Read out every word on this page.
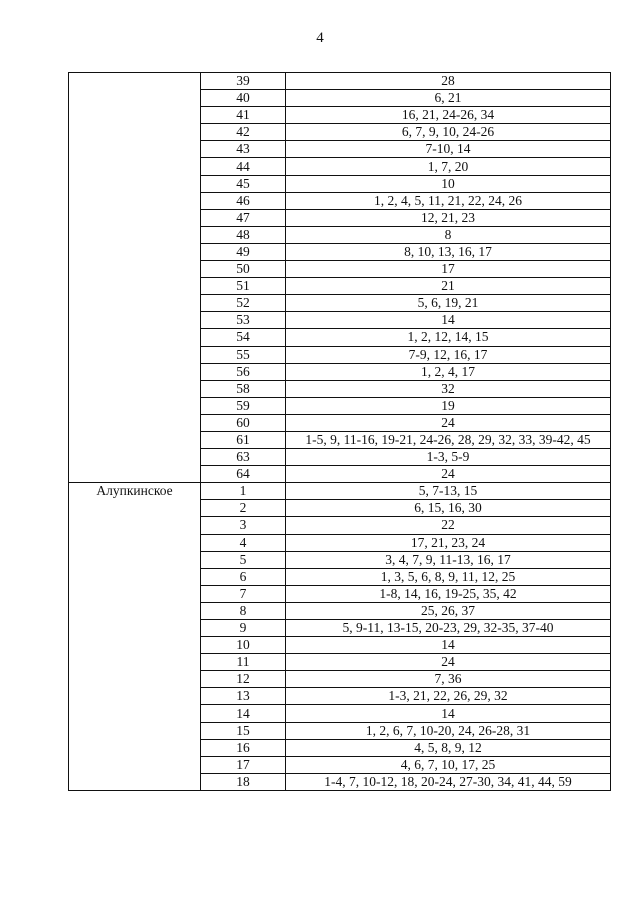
4
	39	28
	40	6, 21
	41	16, 21, 24-26, 34
	42	6, 7, 9, 10, 24-26
	43	7-10, 14
	44	1, 7, 20
	45	10
	46	1, 2, 4, 5, 11, 21, 22, 24, 26
	47	12, 21, 23
	48	8
	49	8, 10, 13, 16, 17
	50	17
	51	21
	52	5, 6, 19, 21
	53	14
	54	1, 2, 12, 14, 15
	55	7-9, 12, 16, 17
	56	1, 2, 4, 17
	58	32
	59	19
	60	24
	61	1-5, 9, 11-16, 19-21, 24-26, 28, 29, 32, 33, 39-42, 45
	63	1-3, 5-9
	64	24

Алупкинское	1	5, 7-13, 15
	2	6, 15, 16, 30
	3	22
	4	17, 21, 23, 24
	5	3, 4, 7, 9, 11-13, 16, 17
	6	1, 3, 5, 6, 8, 9, 11, 12, 25
	7	1-8, 14, 16, 19-25, 35, 42
	8	25, 26, 37
	9	5, 9-11, 13-15, 20-23, 29, 32-35, 37-40
	10	14
	11	24
	12	7, 36
	13	1-3, 21, 22, 26, 29, 32
	14	14
	15	1, 2, 6, 7, 10-20, 24, 26-28, 31
	16	4, 5, 8, 9, 12
	17	4, 6, 7, 10, 17, 25
	18	1-4, 7, 10-12, 18, 20-24, 27-30, 34, 41, 44, 59
